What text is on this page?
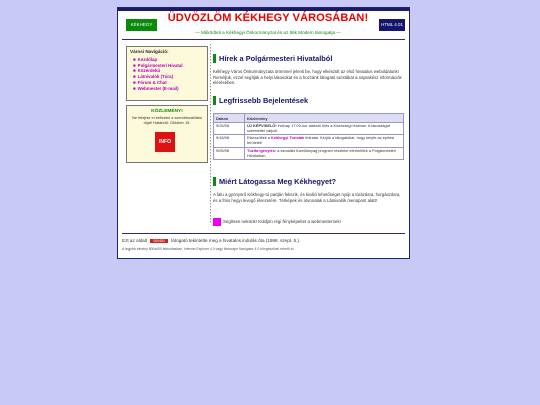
KÉKHEGY
ÜDVÖZLÖM KÉKHEGY VÁROSÁBAN!
HTML 4.01
— Működteti a Kékhegyi Önkormányzat és az 56k Modem támogatja —
Városi Navigáció:
■ Kezdőlap
■ Polgármesteri Hivatal
■ Közérdekű
■ Látnivalók (Túra)
■ Fórum & Chat
■ Webmester (E-mail)
KÖZLEMÉNY!
Ne felejtse el befizetni a szemétszállítási díjat! Határidő: Október 15.
INFO
Hírek a Polgármesteri Hivatalból
Kékhegy Város Önkormányzata örömmel jelenti be, hogy elkészült az első hivatalos weboldalunk! Reméljük, ezzel segítjük a helyi lakosokat és a hozzánk látogató turistákat a naprakész információk elérésében.
Legfrissebb Bejelentések
Dátum	Közlemény
9/25/98	ÚJ KÉPVISELŐ! Holnap 17:00-kor alakuló ülés a Közösségi Házban. A lakosságot szeretettel várjuk!
9/18/98	Elkészültek a Kékhegyi Turisták feliratai. Kérjük a látogatókat, hogy kérjék az építési területet!
9/05/98	Tüzifa igénylés: a szociális tüzelőanyag program részletei elérhetőek a Polgármesteri Hivatalban.
Miért Látogassa Meg Kékhegyet?
A falu a gyönyörű Kékhegy-tó partján fekszik, és kiváló lehetőséget nyújt a túrázásra, horgászásra, és a friss hegyi levegő élvezetére. Térképek és útvonalak a Látnivalók menüpont alatt!
Segítsen nekünk! Küldjön régi fényképeket a webmesternek!
Ezt az oldalt 000451 látogató tekintette meg a hivatalos indulás óta (1998. szept. 5.).
A legjobb élmény 800x600 felbontásban, Internet Explorer 4.0 vagy Netscape Navigator 4.0 böngészővel érhető el.
